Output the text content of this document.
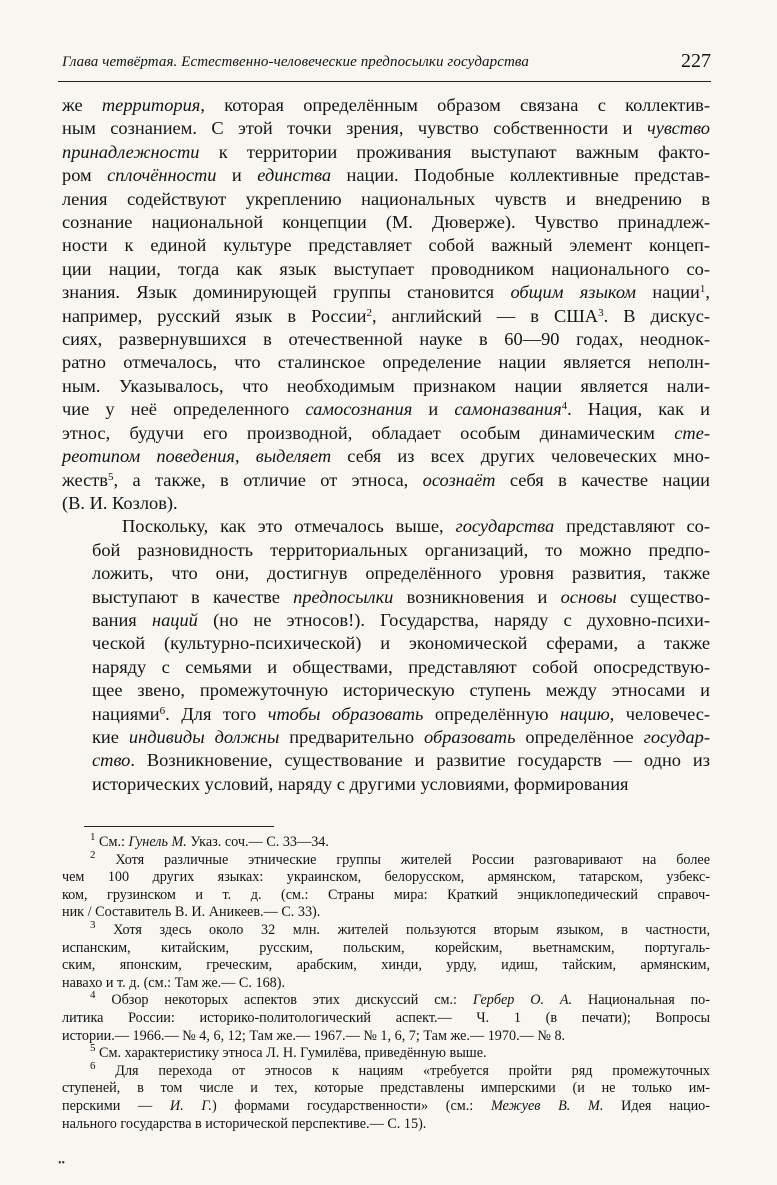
Глава четвёртая. Естественно-человеческие предпосылки государства	227

же территория, которая определённым образом связана с коллектив-
ным сознанием. С этой точки зрения, чувство собственности и чувство
принадлежности к территории проживания выступают важным факто-
ром сплочённости и единства нации. Подобные коллективные представ-
ления содействуют укреплению национальных чувств и внедрению в
сознание национальной концепции (М. Дюверже). Чувство принадлеж-
ности к единой культуре представляет собой важный элемент концеп-
ции нации, тогда как язык выступает проводником национального со-
знания. Язык доминирующей группы становится общим языком нации$^1$,
например, русский язык в России$^2$, английский — в США$^3$. В дискус-
сиях, развернувшихся в отечественной науке в 60—90 годах, неоднок-
ратно отмечалось, что сталинское определение нации является неполн-
ным. Указывалось, что необходимым признаком нации является нали-
чие у неё определенного самосознания и самоназвания$^4$. Нация, как и
этнос, будучи его производной, обладает особым динамическим сте-
реотипом поведения, выделяет себя из всех других человеческих мно-
жеств$^5$, а также, в отличие от этноса, осознаёт себя в качестве нации
(В. И. Козлов).

Поскольку, как это отмечалось выше, государства представляют со-
бой разновидность территориальных организаций, то можно предпо-
ложить, что они, достигнув определённого уровня развития, также
выступают в качестве предпосылки возникновения и основы существо-
вания наций (но не этносов!). Государства, наряду с духовно-психи-
ческой (культурно-психической) и экономической сферами, а также
наряду с семьями и обществами, представляют собой опосредствую-
щее звено, промежуточную историческую ступень между этносами и
нациями$^6$. Для того чтобы образовать определённую нацию, человечес-
кие индивиды должны предварительно образовать определённое государ-
ство. Возникновение, существование и развитие государств — одно из
исторических условий, наряду с другими условиями, формирования

$^1$ См.: Гунель М. Указ. соч.— С. 33—34.
$^2$ Хотя различные этнические группы жителей России разговаривают на более
чем 100 других языках: украинском, белорусском, армянском, татарском, узбекс-
ком, грузинском и т. д. (см.: Страны мира: Краткий энциклопедический справоч-
ник / Составитель В. И. Аникеев.— С. 33).
$^3$ Хотя здесь около 32 млн. жителей пользуются вторым языком, в частности,
испанским, китайским, русским, польским, корейским, вьетнамским, португаль-
ским, японским, греческим, арабским, хинди, урду, идиш, тайским, армянским,
навахо и т. д. (см.: Там же.— С. 168).
$^4$ Обзор некоторых аспектов этих дискуссий см.: Гербер О. А. Национальная по-
литика России: историко-политологический аспект.— Ч. 1 (в печати); Вопросы
истории.— 1966.— № 4, 6, 12; Там же.— 1967.— № 1, 6, 7; Там же.— 1970.— № 8.
$^5$ См. характеристику этноса Л. Н. Гумилёва, приведённую выше.
$^6$ Для перехода от этносов к нациям «требуется пройти ряд промежуточных
ступеней, в том числе и тех, которые представлены имперскими (и не только им-
перскими — И. Г.) формами государственности» (см.: Межуев В. М. Идея нацио-
нального государства в исторической перспективе.— С. 15).
••
